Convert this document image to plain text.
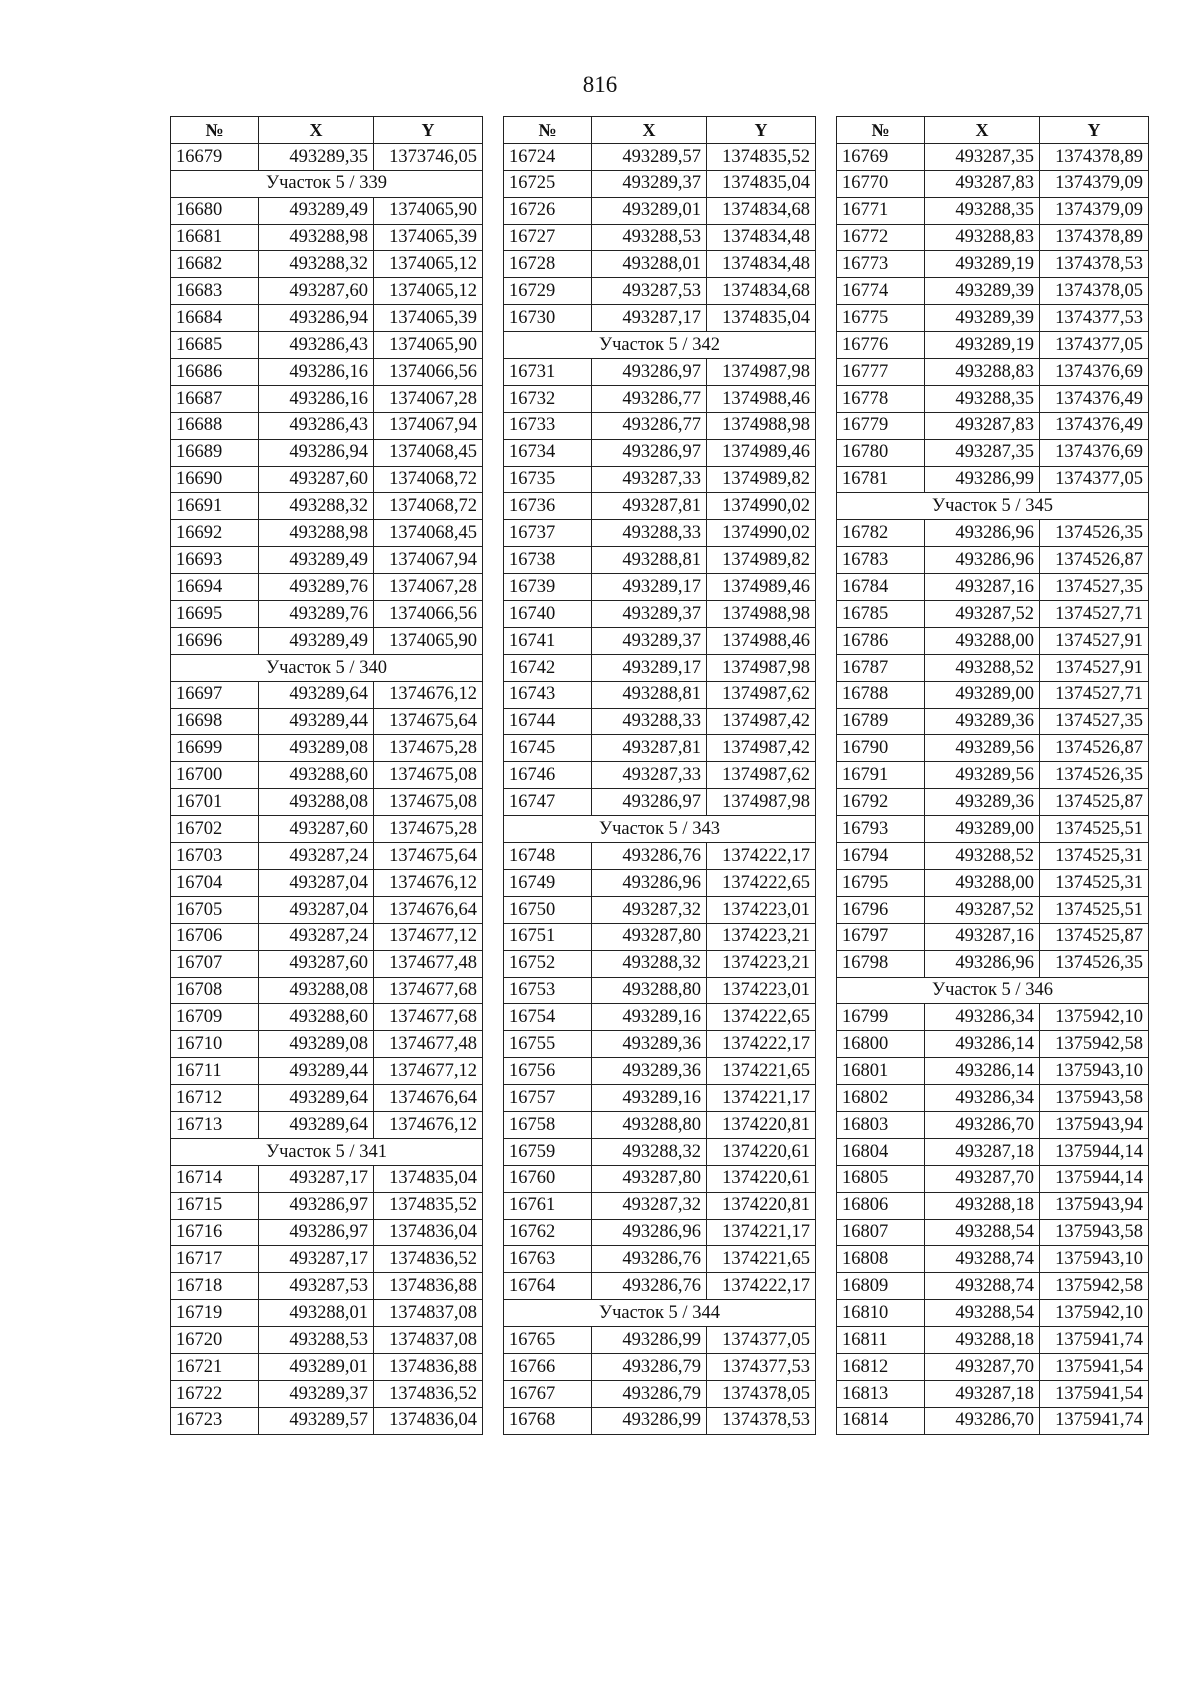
816
№	X	Y
16679	493289,35	1373746,05
Участок 5 / 339		
16680	493289,49	1374065,90
16681	493288,98	1374065,39
16682	493288,32	1374065,12
16683	493287,60	1374065,12
16684	493286,94	1374065,39
16685	493286,43	1374065,90
16686	493286,16	1374066,56
16687	493286,16	1374067,28
16688	493286,43	1374067,94
16689	493286,94	1374068,45
16690	493287,60	1374068,72
16691	493288,32	1374068,72
16692	493288,98	1374068,45
16693	493289,49	1374067,94
16694	493289,76	1374067,28
16695	493289,76	1374066,56
16696	493289,49	1374065,90
Участок 5 / 340		
16697	493289,64	1374676,12
16698	493289,44	1374675,64
16699	493289,08	1374675,28
16700	493288,60	1374675,08
16701	493288,08	1374675,08
16702	493287,60	1374675,28
16703	493287,24	1374675,64
16704	493287,04	1374676,12
16705	493287,04	1374676,64
16706	493287,24	1374677,12
16707	493287,60	1374677,48
16708	493288,08	1374677,68
16709	493288,60	1374677,68
16710	493289,08	1374677,48
16711	493289,44	1374677,12
16712	493289,64	1374676,64
16713	493289,64	1374676,12
Участок 5 / 341		
16714	493287,17	1374835,04
16715	493286,97	1374835,52
16716	493286,97	1374836,04
16717	493287,17	1374836,52
16718	493287,53	1374836,88
16719	493288,01	1374837,08
16720	493288,53	1374837,08
16721	493289,01	1374836,88
16722	493289,37	1374836,52
16723	493289,57	1374836,04
№	X	Y
16724	493289,57	1374835,52
16725	493289,37	1374835,04
16726	493289,01	1374834,68
16727	493288,53	1374834,48
16728	493288,01	1374834,48
16729	493287,53	1374834,68
16730	493287,17	1374835,04
Участок 5 / 342		
16731	493286,97	1374987,98
16732	493286,77	1374988,46
16733	493286,77	1374988,98
16734	493286,97	1374989,46
16735	493287,33	1374989,82
16736	493287,81	1374990,02
16737	493288,33	1374990,02
16738	493288,81	1374989,82
16739	493289,17	1374989,46
16740	493289,37	1374988,98
16741	493289,37	1374988,46
16742	493289,17	1374987,98
16743	493288,81	1374987,62
16744	493288,33	1374987,42
16745	493287,81	1374987,42
16746	493287,33	1374987,62
16747	493286,97	1374987,98
Участок 5 / 343		
16748	493286,76	1374222,17
16749	493286,96	1374222,65
16750	493287,32	1374223,01
16751	493287,80	1374223,21
16752	493288,32	1374223,21
16753	493288,80	1374223,01
16754	493289,16	1374222,65
16755	493289,36	1374222,17
16756	493289,36	1374221,65
16757	493289,16	1374221,17
16758	493288,80	1374220,81
16759	493288,32	1374220,61
16760	493287,80	1374220,61
16761	493287,32	1374220,81
16762	493286,96	1374221,17
16763	493286,76	1374221,65
16764	493286,76	1374222,17
Участок 5 / 344		
16765	493286,99	1374377,05
16766	493286,79	1374377,53
16767	493286,79	1374378,05
16768	493286,99	1374378,53
№	X	Y
16769	493287,35	1374378,89
16770	493287,83	1374379,09
16771	493288,35	1374379,09
16772	493288,83	1374378,89
16773	493289,19	1374378,53
16774	493289,39	1374378,05
16775	493289,39	1374377,53
16776	493289,19	1374377,05
16777	493288,83	1374376,69
16778	493288,35	1374376,49
16779	493287,83	1374376,49
16780	493287,35	1374376,69
16781	493286,99	1374377,05
Участок 5 / 345		
16782	493286,96	1374526,35
16783	493286,96	1374526,87
16784	493287,16	1374527,35
16785	493287,52	1374527,71
16786	493288,00	1374527,91
16787	493288,52	1374527,91
16788	493289,00	1374527,71
16789	493289,36	1374527,35
16790	493289,56	1374526,87
16791	493289,56	1374526,35
16792	493289,36	1374525,87
16793	493289,00	1374525,51
16794	493288,52	1374525,31
16795	493288,00	1374525,31
16796	493287,52	1374525,51
16797	493287,16	1374525,87
16798	493286,96	1374526,35
Участок 5 / 346		
16799	493286,34	1375942,10
16800	493286,14	1375942,58
16801	493286,14	1375943,10
16802	493286,34	1375943,58
16803	493286,70	1375943,94
16804	493287,18	1375944,14
16805	493287,70	1375944,14
16806	493288,18	1375943,94
16807	493288,54	1375943,58
16808	493288,74	1375943,10
16809	493288,74	1375942,58
16810	493288,54	1375942,10
16811	493288,18	1375941,74
16812	493287,70	1375941,54
16813	493287,18	1375941,54
16814	493286,70	1375941,74
